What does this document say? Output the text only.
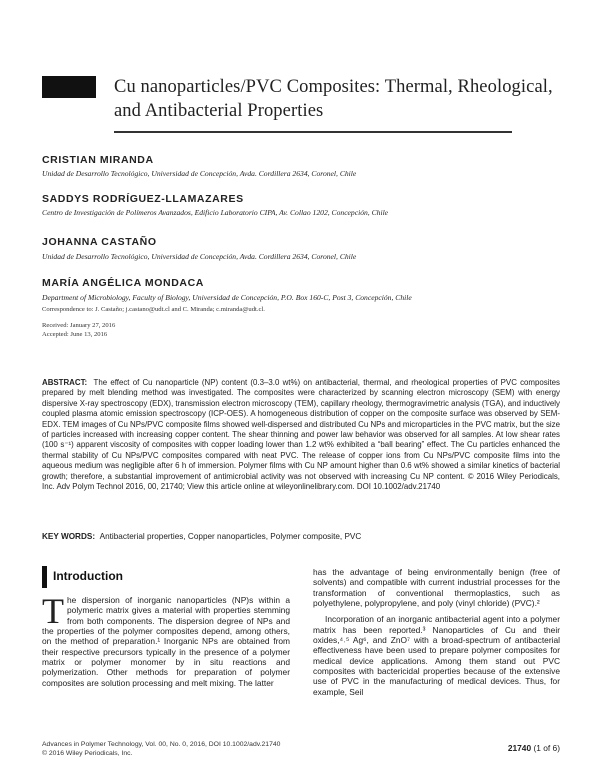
Cu nanoparticles/PVC Composites: Thermal, Rheological, and Antibacterial Properties
CRISTIAN MIRANDA
Unidad de Desarrollo Tecnológico, Universidad de Concepción, Avda. Cordillera 2634, Coronel, Chile
SADDYS RODRÍGUEZ-LLAMAZARES
Centro de Investigación de Polímeros Avanzados, Edificio Laboratorio CIPA, Av. Collao 1202, Concepción, Chile
JOHANNA CASTAÑO
Unidad de Desarrollo Tecnológico, Universidad de Concepción, Avda. Cordillera 2634, Coronel, Chile
MARÍA ANGÉLICA MONDACA
Department of Microbiology, Faculty of Biology, Universidad de Concepción, P.O. Box 160-C, Post 3, Concepción, Chile
Correspondence to: J. Castaño; j.castano@udt.cl and C. Miranda; c.miranda@udt.cl.
Received: January 27, 2016
Accepted: June 13, 2016
ABSTRACT: The effect of Cu nanoparticle (NP) content (0.3–3.0 wt%) on antibacterial, thermal, and rheological properties of PVC composites prepared by melt blending method was investigated. The composites were characterized by scanning electron microscopy (SEM) with energy dispersive X-ray spectroscopy (EDX), transmission electron microscopy (TEM), capillary rheology, thermogravimetric analysis (TGA), and inductively coupled plasma atomic emission spectroscopy (ICP-OES). A homogeneous distribution of copper on the composite surface was observed by SEM-EDX. TEM images of Cu NPs/PVC composite films showed well-dispersed and distributed Cu NPs and microparticles in the PVC matrix, but the size of particles increased with increasing copper content. The shear thinning and power law behavior was observed for all samples. At low shear rates (100 s⁻¹) apparent viscosity of composites with copper loading lower than 1.2 wt% exhibited a “ball bearing” effect. The Cu particles enhanced the thermal stability of Cu NPs/PVC composites compared with neat PVC. The release of copper ions from Cu NPs/PVC composite films into the aqueous medium was negligible after 6 h of immersion. Polymer films with Cu NP amount higher than 0.6 wt% showed a similar kinetics of bacterial growth; therefore, a substantial improvement of antimicrobial activity was not observed with increasing Cu NP content. © 2016 Wiley Periodicals, Inc. Adv Polym Technol 2016, 00, 21740; View this article online at wileyonlinelibrary.com. DOI 10.1002/adv.21740
KEY WORDS: Antibacterial properties, Copper nanoparticles, Polymer composite, PVC
Introduction
The dispersion of inorganic nanoparticles (NP)s within a polymeric matrix gives a material with properties stemming from both components. The dispersion degree of NPs and the properties of the polymer composites depend, among others, on the method of preparation.¹ Inorganic NPs are obtained from their respective precursors typically in the presence of a polymer matrix or polymer monomer by in situ reactions and polymerization. Other methods for preparation of polymer composites are solution processing and melt mixing. The latter

has the advantage of being environmentally benign (free of solvents) and compatible with current industrial processes for the transformation of conventional thermoplastics, such as polyethylene, polypropylene, and poly (vinyl chloride) (PVC).²

Incorporation of an inorganic antibacterial agent into a polymer matrix has been reported.³ Nanoparticles of Cu and their oxides,⁴˒⁵ Ag⁶, and ZnO⁷ with a broad-spectrum of antibacterial effectiveness have been used to prepare polymer composites for medical device applications. Among them stand out PVC composites with bactericidal properties because of the extensive use of PVC in the manufacturing of medical devices. Thus, for example, Seil

Advances in Polymer Technology, Vol. 00, No. 0, 2016, DOI 10.1002/adv.21740
© 2016 Wiley Periodicals, Inc.
21740 (1 of 6)
